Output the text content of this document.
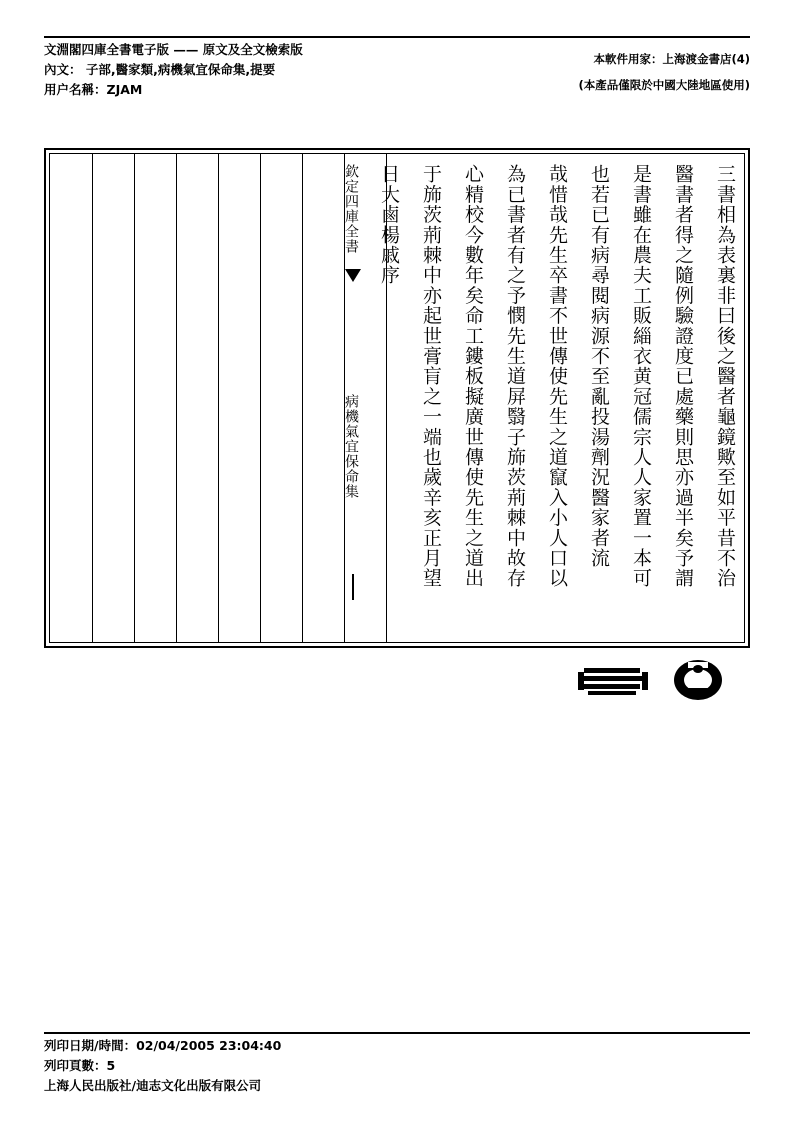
文淵閣四庫全書電子版 —— 原文及全文檢索版
內文： 子部,醫家類,病機氣宜保命集,提要
用户名稱：ZJAM
本軟件用家：上海渡金書店(4)
(本產品僅限於中國大陸地區使用)
三書相為表裏非曰後之醫者龜鏡歟至如平昔不治
醫書者得之隨例驗證度已處藥則思亦過半矣予謂
是書雖在農夫工販緇衣黄冠儒宗人人家置一本可
也若已有病尋閱病源不至亂投湯劑況醫家者流
哉惜哉先生卒書不世傳使先生之道竄入小人口以
為已書者有之予憫先生道屏翳子斾茨荊棘中故存
心精校今數年矣命工鏤板擬廣世傳使先生之道出
于斾茨荊棘中亦起世膏肓之一端也歲辛亥正月望
日大鹵楊戚序
欽定四庫全書
病機氣宜保命集
列印日期/時間：02/04/2005 23:04:40
列印頁數：5
上海人民出版社/迪志文化出版有限公司
